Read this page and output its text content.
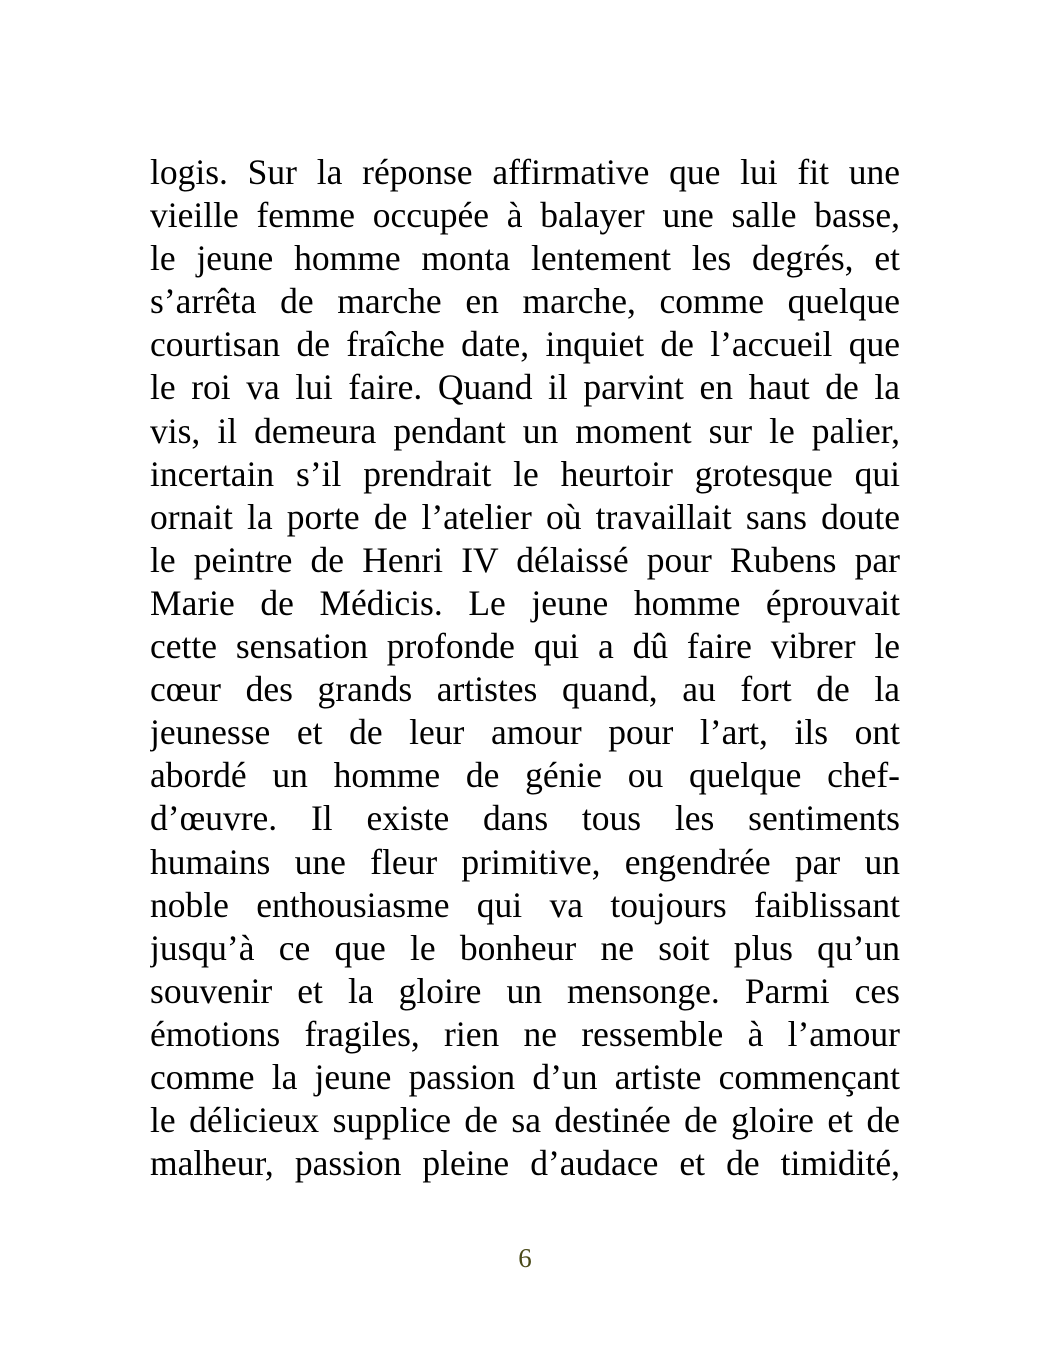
logis. Sur la réponse affirmative que lui fit une
vieille femme occupée à balayer une salle basse,
le jeune homme monta lentement les degrés, et
s’arrêta de marche en marche, comme quelque
courtisan de fraîche date, inquiet de l’accueil que
le roi va lui faire. Quand il parvint en haut de la
vis, il demeura pendant un moment sur le palier,
incertain s’il prendrait le heurtoir grotesque qui
ornait la porte de l’atelier où travaillait sans doute
le peintre de Henri IV délaissé pour Rubens par
Marie de Médicis. Le jeune homme éprouvait
cette sensation profonde qui a dû faire vibrer le
cœur des grands artistes quand, au fort de la
jeunesse et de leur amour pour l’art, ils ont
abordé un homme de génie ou quelque chef-
d’œuvre. Il existe dans tous les sentiments
humains une fleur primitive, engendrée par un
noble enthousiasme qui va toujours faiblissant
jusqu’à ce que le bonheur ne soit plus qu’un
souvenir et la gloire un mensonge. Parmi ces
émotions fragiles, rien ne ressemble à l’amour
comme la jeune passion d’un artiste commençant
le délicieux supplice de sa destinée de gloire et de
malheur, passion pleine d’audace et de timidité,
6
